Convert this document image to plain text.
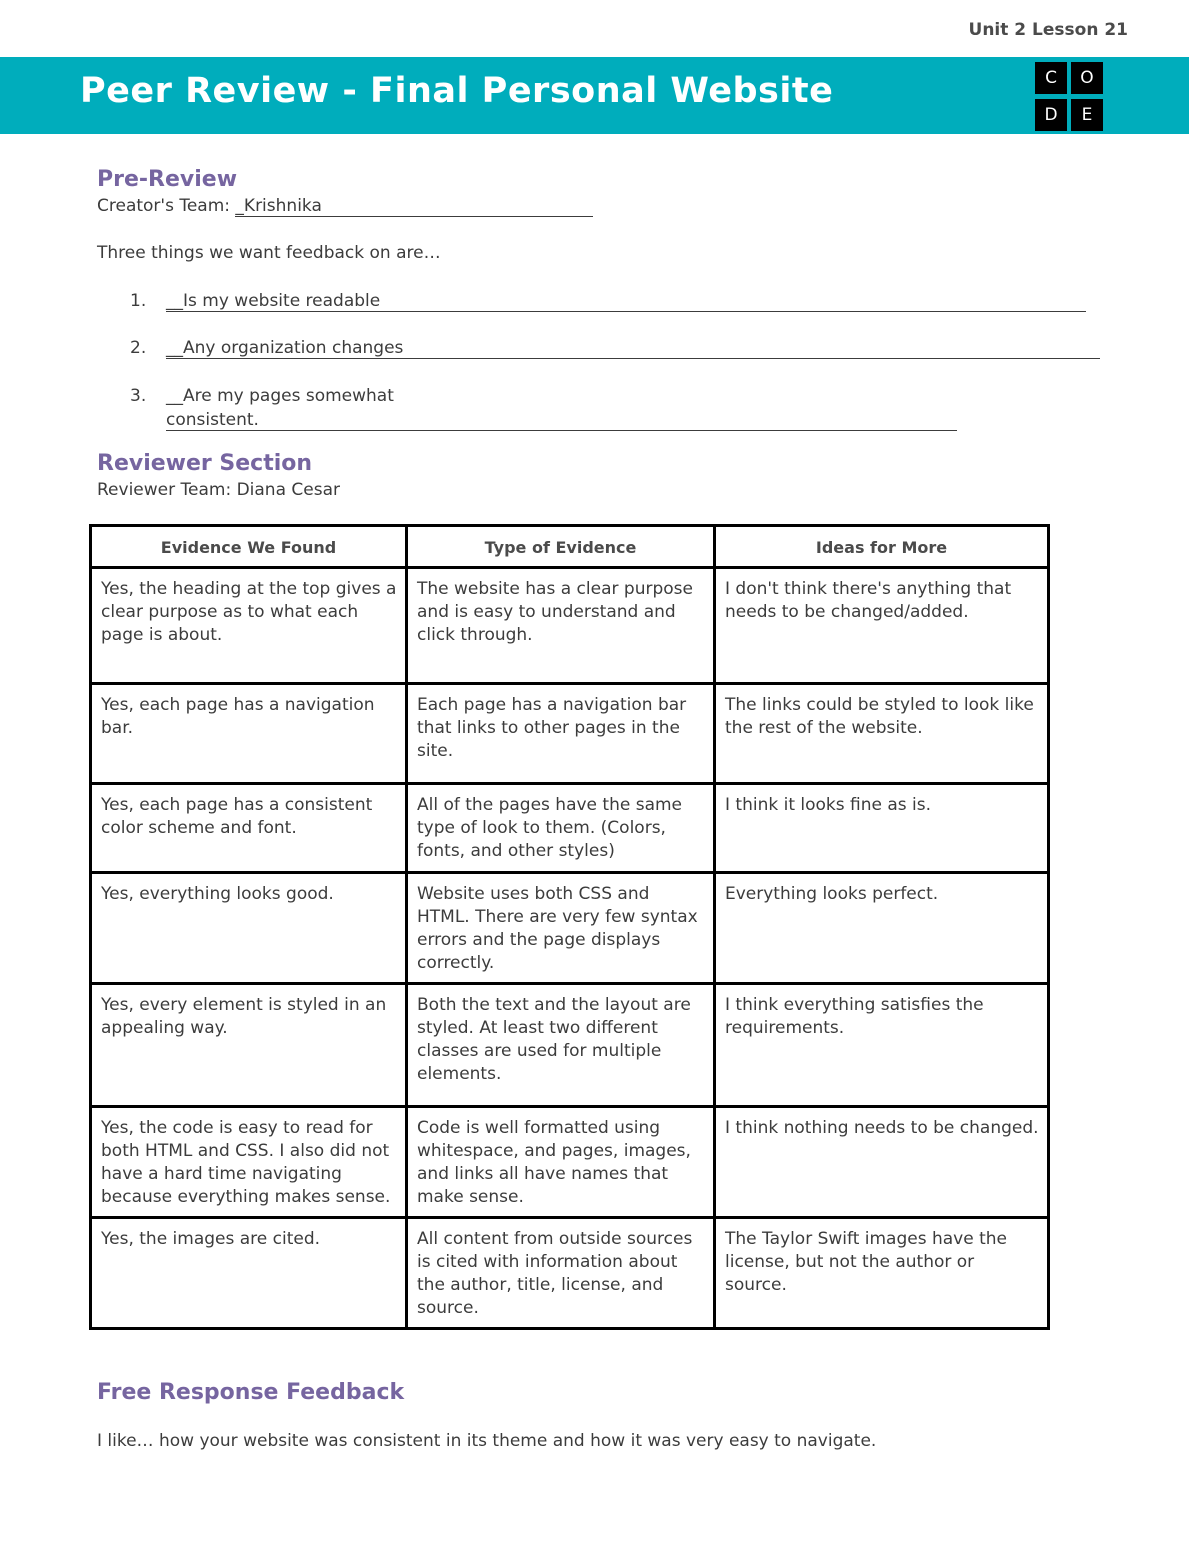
Unit 2 Lesson 21
Peer Review - Final Personal Website	C	O
D	E
Pre-Review
Creator's Team: _Krishnika
Three things we want feedback on are…
1. __Is my website readable
2. __Any organization changes
3. __Are my pages somewhat
consistent.
Reviewer Section
Reviewer Team: Diana Cesar
Evidence We Found	Type of Evidence	Ideas for More
Yes, the heading at the top gives a clear purpose as to what each page is about.	The website has a clear purpose and is easy to understand and click through.	I don't think there's anything that needs to be changed/added.
Yes, each page has a navigation bar.	Each page has a navigation bar that links to other pages in the site.	The links could be styled to look like the rest of the website.
Yes, each page has a consistent color scheme and font.	All of the pages have the same type of look to them. (Colors, fonts, and other styles)	I think it looks fine as is.
Yes, everything looks good.	Website uses both CSS and HTML. There are very few syntax errors and the page displays correctly.	Everything looks perfect.
Yes, every element is styled in an appealing way.	Both the text and the layout are styled. At least two different classes are used for multiple elements.	I think everything satisfies the requirements.
Yes, the code is easy to read for both HTML and CSS. I also did not have a hard time navigating because everything makes sense.	Code is well formatted using whitespace, and pages, images, and links all have names that make sense.	I think nothing needs to be changed.
Yes, the images are cited.	All content from outside sources is cited with information about the author, title, license, and source.	The Taylor Swift images have the license, but not the author or source.
Free Response Feedback
I like… how your website was consistent in its theme and how it was very easy to navigate.
